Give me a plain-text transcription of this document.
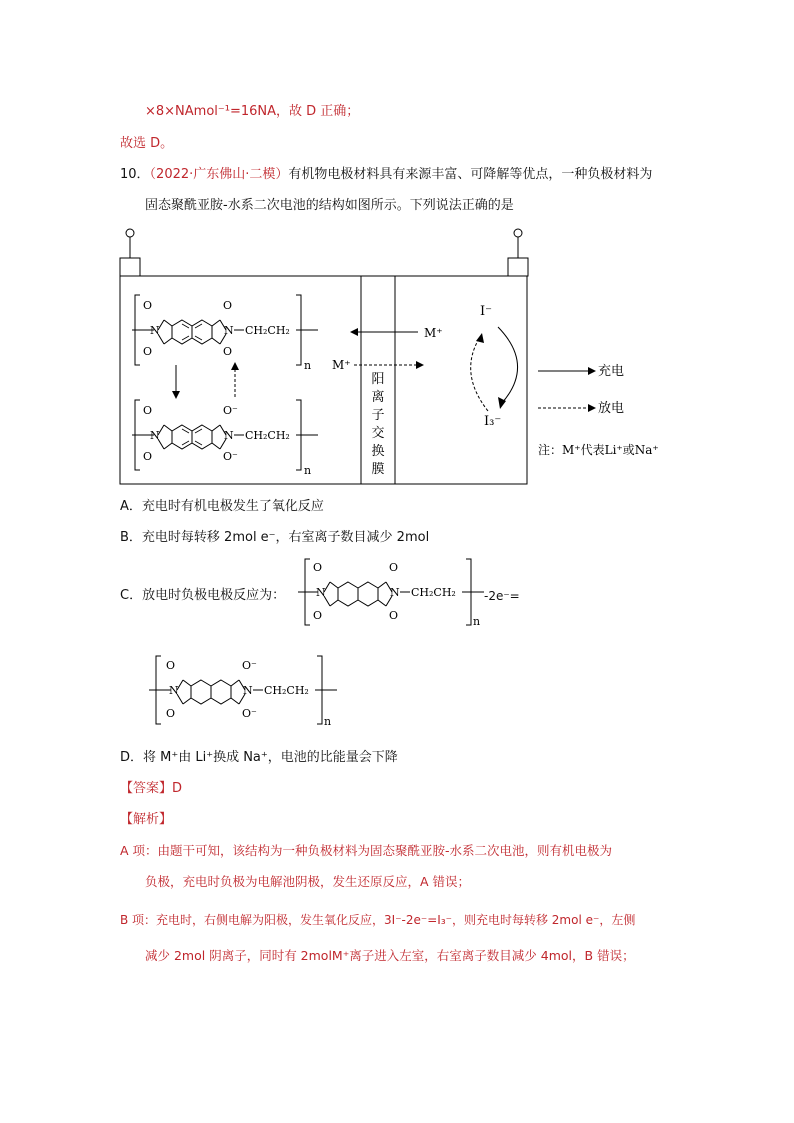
×8×NAmol⁻¹=16NA，故 D 正确；
故选 D。
10．（2022·广东佛山·二模）有机物电极材料具有来源丰富、可降解等优点，一种负极材料为
固态聚酰亚胺-水系二次电池的结构如图所示。下列说法正确的是
阳
离
子
交
换
膜
N
O
O
O
O
N CH₂CH₂
n
N
O
O
O⁻
O⁻
N CH₂CH₂
n
M⁺
M⁺
I⁻
I₃⁻
充电
放电
注：M⁺代表Li⁺或Na⁺
A．充电时有机电极发生了氧化反应
B．充电时每转移 2mol e⁻，右室离子数目减少 2mol
C．放电时负极电极反应为：	N
O
O
O
O
N CH₂CH₂
n
-2e⁻=
N
O
O
O⁻
O⁻
N CH₂CH₂
n
D．将 M⁺由 Li⁺换成 Na⁺，电池的比能量会下降
【答案】D
【解析】
A 项：由题干可知，该结构为一种负极材料为固态聚酰亚胺-水系二次电池，则有机电极为
负极，充电时负极为电解池阴极，发生还原反应，A 错误；
B 项：充电时，右侧电解为阳极，发生氧化反应，3I⁻-2e⁻=I₃⁻，则充电时每转移 2mol e⁻，左侧
减少 2mol 阴离子，同时有 2molM⁺离子进入左室，右室离子数目减少 4mol，B 错误；
